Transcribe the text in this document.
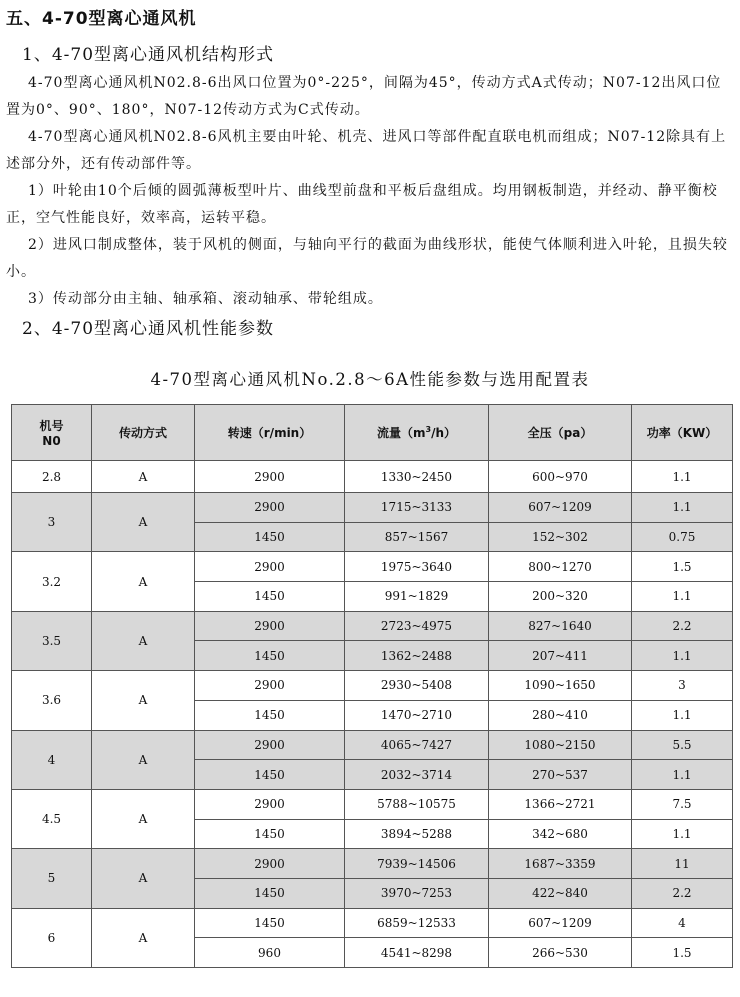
五、4-70型离心通风机
1、4-70型离心通风机结构形式

4-70型离心通风机N02.8-6出风口位置为0°-225°，间隔为45°，传动方式A式传动；N07-12出风口位置为0°、90°、180°，N07-12传动方式为C式传动。

4-70型离心通风机N02.8-6风机主要由叶轮、机壳、进风口等部件配直联电机而组成；N07-12除具有上述部分外，还有传动部件等。

1）叶轮由10个后倾的圆弧薄板型叶片、曲线型前盘和平板后盘组成。均用钢板制造，并经动、静平衡校正，空气性能良好，效率高，运转平稳。

2）进风口制成整体，装于风机的侧面，与轴向平行的截面为曲线形状，能使气体顺利进入叶轮，且损失较小。

3）传动部分由主轴、轴承箱、滚动轴承、带轮组成。

2、4-70型离心通风机性能参数
4-70型离心通风机No.2.8～6A性能参数与选用配置表
机号
N0	传动方式	转速（r/min）	流量$(m^3/h)$	全压（pa）	功率（KW）
2.8	A	2900	1330~2450	600~970	1.1
3	A	2900	1715~3133	607~1209	1.1
		1450	857~1567	152~302	0.75
3.2	A	2900	1975~3640	800~1270	1.5
		1450	991~1829	200~320	1.1
3.5	A	2900	2723~4975	827~1640	2.2
		1450	1362~2488	207~411	1.1
3.6	A	2900	2930~5408	1090~1650	3
		1450	1470~2710	280~410	1.1
4	A	2900	4065~7427	1080~2150	5.5
		1450	2032~3714	270~537	1.1
4.5	A	2900	5788~10575	1366~2721	7.5
		1450	3894~5288	342~680	1.1
5	A	2900	7939~14506	1687~3359	11
		1450	3970~7253	422~840	2.2
6	A	1450	6859~12533	607~1209	4
		960	4541~8298	266~530	1.5
